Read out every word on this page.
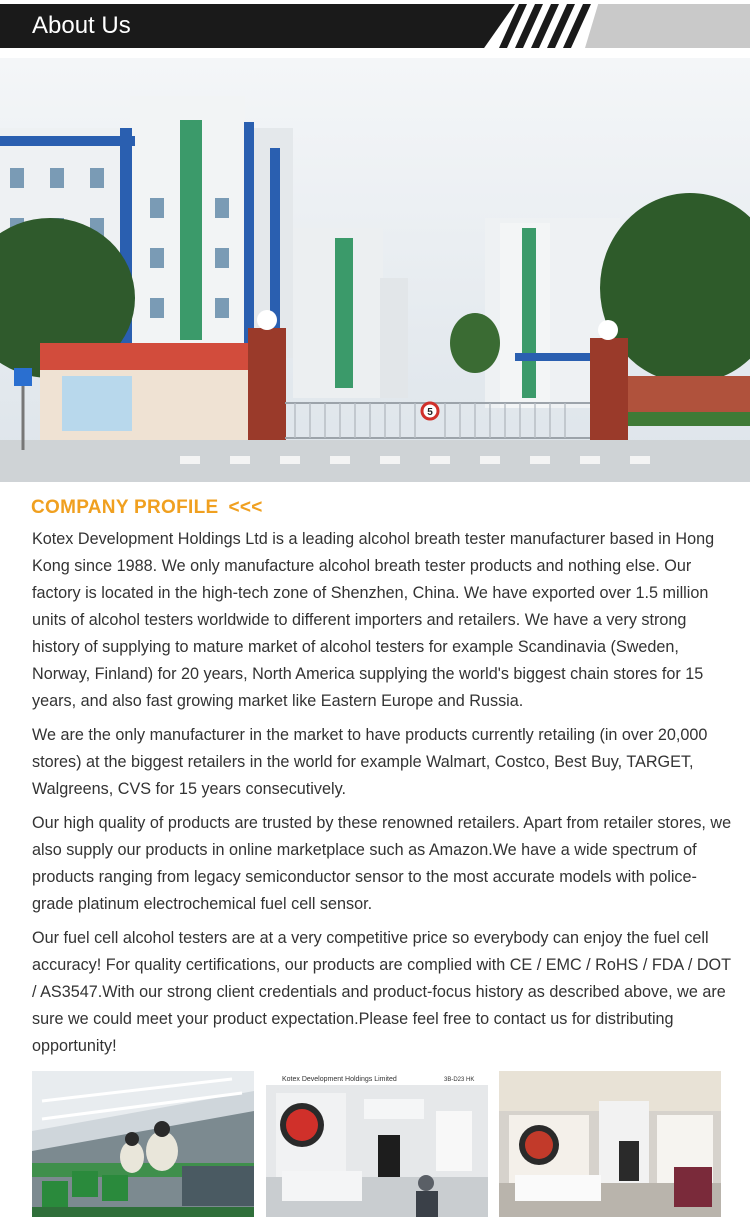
About Us
5
COMPANY PROFILE <<<

Kotex Development Holdings Ltd is a leading alcohol breath tester manufacturer based in Hong Kong since 1988. We only manufacture alcohol breath tester products and nothing else. Our factory is located in the high-tech zone of Shenzhen, China. We have exported over 1.5 million units of alcohol testers worldwide to different importers and retailers. We have a very strong history of supplying to mature market of alcohol testers for example Scandinavia (Sweden, Norway, Finland) for 20 years, North America supplying the world's biggest chain stores for 15 years, and also fast growing market like Eastern Europe and Russia.

We are the only manufacturer in the market to have products currently retailing (in over 20,000 stores) at the biggest retailers in the world for example Walmart, Costco, Best Buy, TARGET, Walgreens, CVS for 15 years consecutively.

Our high quality of products are trusted by these renowned retailers. Apart from retailer stores, we also supply our products in online marketplace such as Amazon.We have a wide spectrum of products ranging from legacy semiconductor sensor to the most accurate models with police-grade platinum electrochemical fuel cell sensor.

Our fuel cell alcohol testers are at a very competitive price so everybody can enjoy the fuel cell accuracy! For quality certifications, our products are complied with CE / EMC / RoHS / FDA / DOT / AS3547.With our strong client credentials and product-focus history as described above, we are sure we could meet your product expectation.Please feel free to contact us for distributing opportunity!

Kotex Development Holdings Limited	3B-D23 HK
